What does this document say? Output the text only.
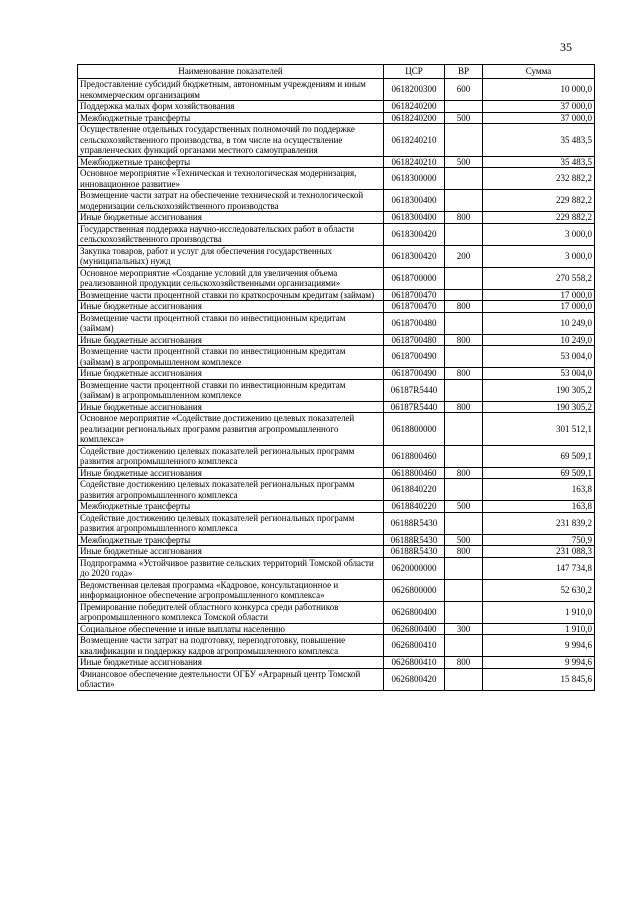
35
Наименование показателей	ЦСР	ВР	Сумма
Предоставление субсидий бюджетным, автономным учреждениям и иным некоммерческим организациям	0618200300	600	10 000,0
Поддержка малых форм хозяйствования	0618240200		37 000,0
Межбюджетные трансферты	0618240200	500	37 000,0
Осуществление отдельных государственных полномочий по поддержке сельскохозяйственного производства, в том числе на осуществление управленческих функций органами местного самоуправления	0618240210		35 483,5
Межбюджетные трансферты	0618240210	500	35 483,5
Основное мероприятие «Техническая и технологическая модернизация, инновационное развитие»	0618300000		232 882,2
Возмещение части затрат на обеспечение технической и технологической модернизации сельскохозяйственного производства	0618300400		229 882,2
Иные бюджетные ассигнования	0618300400	800	229 882,2
Государственная поддержка научно-исследовательских работ в области сельскохозяйственного производства	0618300420		3 000,0
Закупка товаров, работ и услуг для обеспечения государственных (муниципальных) нужд	0618300420	200	3 000,0
Основное мероприятие «Создание условий для увеличения объема реализованной продукции сельскохозяйственными организациями»	0618700000		270 558,2
Возмещение части процентной ставки по краткосрочным кредитам (займам)	0618700470		17 000,0
Иные бюджетные ассигнования	0618700470	800	17 000,0
Возмещение части процентной ставки по инвестиционным кредитам (займам)	0618700480		10 249,0
Иные бюджетные ассигнования	0618700480	800	10 249,0
Возмещение части процентной ставки по инвестиционным кредитам (займам) в агропромышленном комплексе	0618700490		53 004,0
Иные бюджетные ассигнования	0618700490	800	53 004,0
Возмещение части процентной ставки по инвестиционным кредитам (займам) в агропромышленном комплексе	06187R5440		190 305,2
Иные бюджетные ассигнования	06187R5440	800	190 305,2
Основное мероприятие «Содействие достижению целевых показателей реализации региональных программ развития агропромышленного комплекса»	0618800000		301 512,1
Содействие достижению целевых показателей региональных программ развития агропромышленного комплекса	0618800460		69 509,1
Иные бюджетные ассигнования	0618800460	800	69 509,1
Содействие достижению целевых показателей региональных программ развития агропромышленного комплекса	0618840220		163,8
Межбюджетные трансферты	0618840220	500	163,8
Содействие достижению целевых показателей региональных программ развития агропромышленного комплекса	06188R5430		231 839,2
Межбюджетные трансферты	06188R5430	500	750,9
Иные бюджетные ассигнования	06188R5430	800	231 088,3
Подпрограмма «Устойчивое развитие сельских территорий Томской области до 2020 года»	0620000000		147 734,8
Ведомственная целевая программа «Кадровое, консультационное и информационное обеспечение агропромышленного комплекса»	0626800000		52 630,2
Премирование победителей областного конкурса среди работников агропромышленного комплекса Томской области	0626800400		1 910,0
Социальное обеспечение и иные выплаты населению	0626800400	300	1 910,0
Возмещение части затрат на подготовку, переподготовку, повышение квалификации и поддержку кадров агропромышленного комплекса	0626800410		9 994,6
Иные бюджетные ассигнования	0626800410	800	9 994,6
Финансовое обеспечение деятельности ОГБУ «Аграрный центр Томской области»	0626800420		15 845,6
